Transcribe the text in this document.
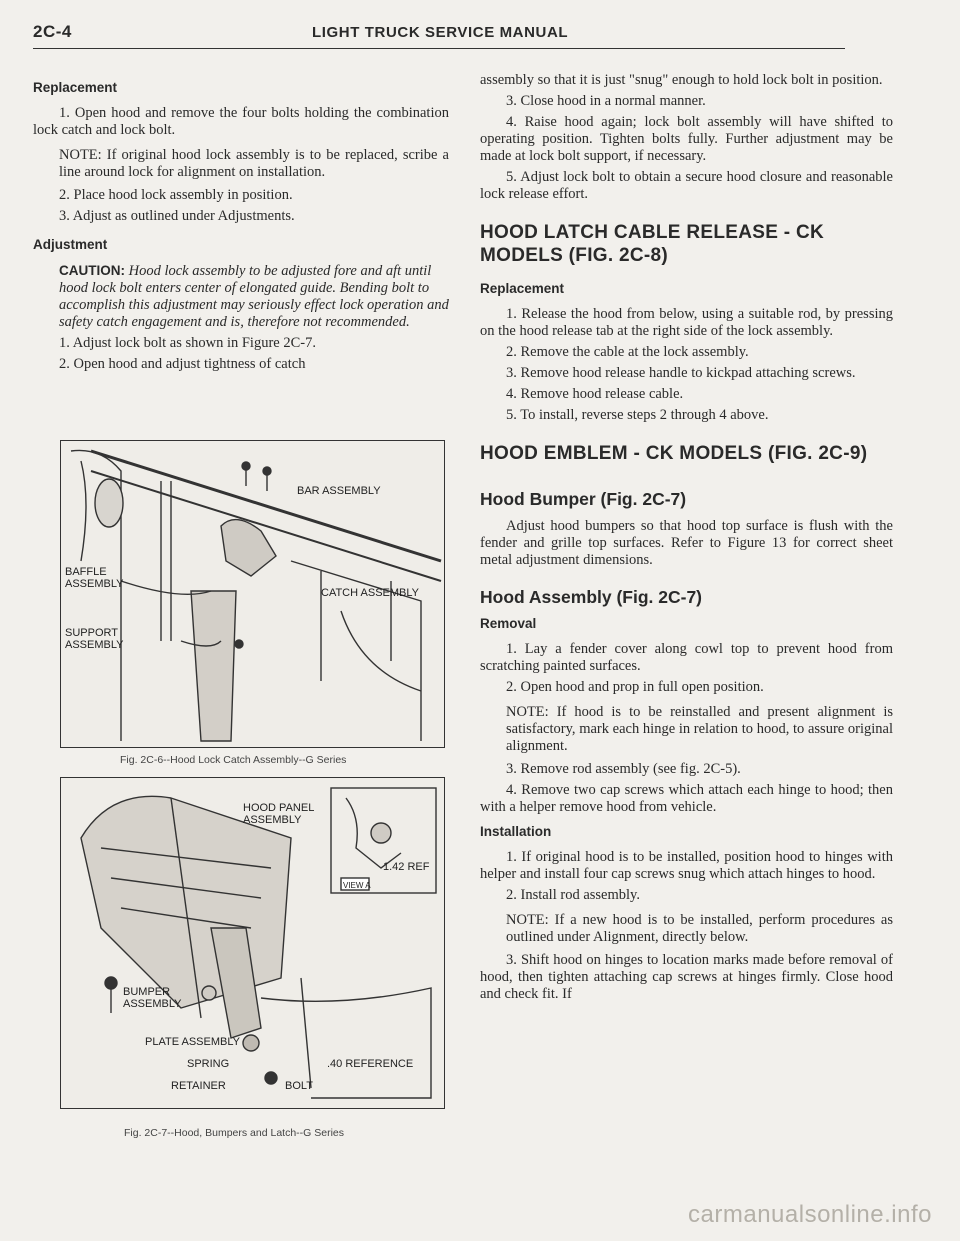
2C-4	LIGHT TRUCK SERVICE MANUAL
Replacement

1. Open hood and remove the four bolts holding the combination lock catch and lock bolt.

NOTE: If original hood lock assembly is to be replaced, scribe a line around lock for alignment on installation.

2. Place hood lock assembly in position.

3. Adjust as outlined under Adjustments.

Adjustment
CAUTION: Hood lock assembly to be adjusted fore and aft until hood lock bolt enters center of elongated guide. Bending bolt to accomplish this adjustment may seriously effect lock operation and safety catch engagement and is, therefore not recommended.

1. Adjust lock bolt as shown in Figure 2C-7.

2. Open hood and adjust tightness of catch

BAR ASSEMBLY
BAFFLE
ASSEMBLY
CATCH ASSEMBLY
SUPPORT
ASSEMBLY
Fig. 2C-6--Hood Lock Catch Assembly--G Series
HOOD PANEL
ASSEMBLY
1.42 REF
VIEW A
BUMPER
ASSEMBLY
PLATE ASSEMBLY
SPRING
RETAINER	BOLT
.40 REFERENCE
Fig. 2C-7--Hood, Bumpers and Latch--G Series

assembly so that it is just "snug" enough to hold lock bolt in position.

3. Close hood in a normal manner.

4. Raise hood again; lock bolt assembly will have shifted to operating position. Tighten bolts fully. Further adjustment may be made at lock bolt support, if necessary.

5. Adjust lock bolt to obtain a secure hood closure and reasonable lock release effort.

HOOD LATCH CABLE RELEASE - CK MODELS (FIG. 2C-8)
Replacement

1. Release the hood from below, using a suitable rod, by pressing on the hood release tab at the right side of the lock assembly.

2. Remove the cable at the lock assembly.

3. Remove hood release handle to kickpad attaching screws.

4. Remove hood release cable.

5. To install, reverse steps 2 through 4 above.

HOOD EMBLEM - CK MODELS (FIG. 2C-9)
Hood Bumper (Fig. 2C-7)

Adjust hood bumpers so that hood top surface is flush with the fender and grille top surfaces. Refer to Figure 13 for correct sheet metal adjustment dimensions.

Hood Assembly (Fig. 2C-7)
Removal

1. Lay a fender cover along cowl top to prevent hood from scratching painted surfaces.

2. Open hood and prop in full open position.

NOTE: If hood is to be reinstalled and present alignment is satisfactory, mark each hinge in relation to hood, to assure original alignment.

3. Remove rod assembly (see fig. 2C-5).

4. Remove two cap screws which attach each hinge to hood; then with a helper remove hood from vehicle.

Installation

1. If original hood is to be installed, position hood to hinges with helper and install four cap screws snug which attach hinges to hood.

2. Install rod assembly.

NOTE: If a new hood is to be installed, perform procedures as outlined under Alignment, directly below.

3. Shift hood on hinges to location marks made before removal of hood, then tighten attaching cap screws at hinges firmly. Close hood and check fit. If

carmanualsonline.info
